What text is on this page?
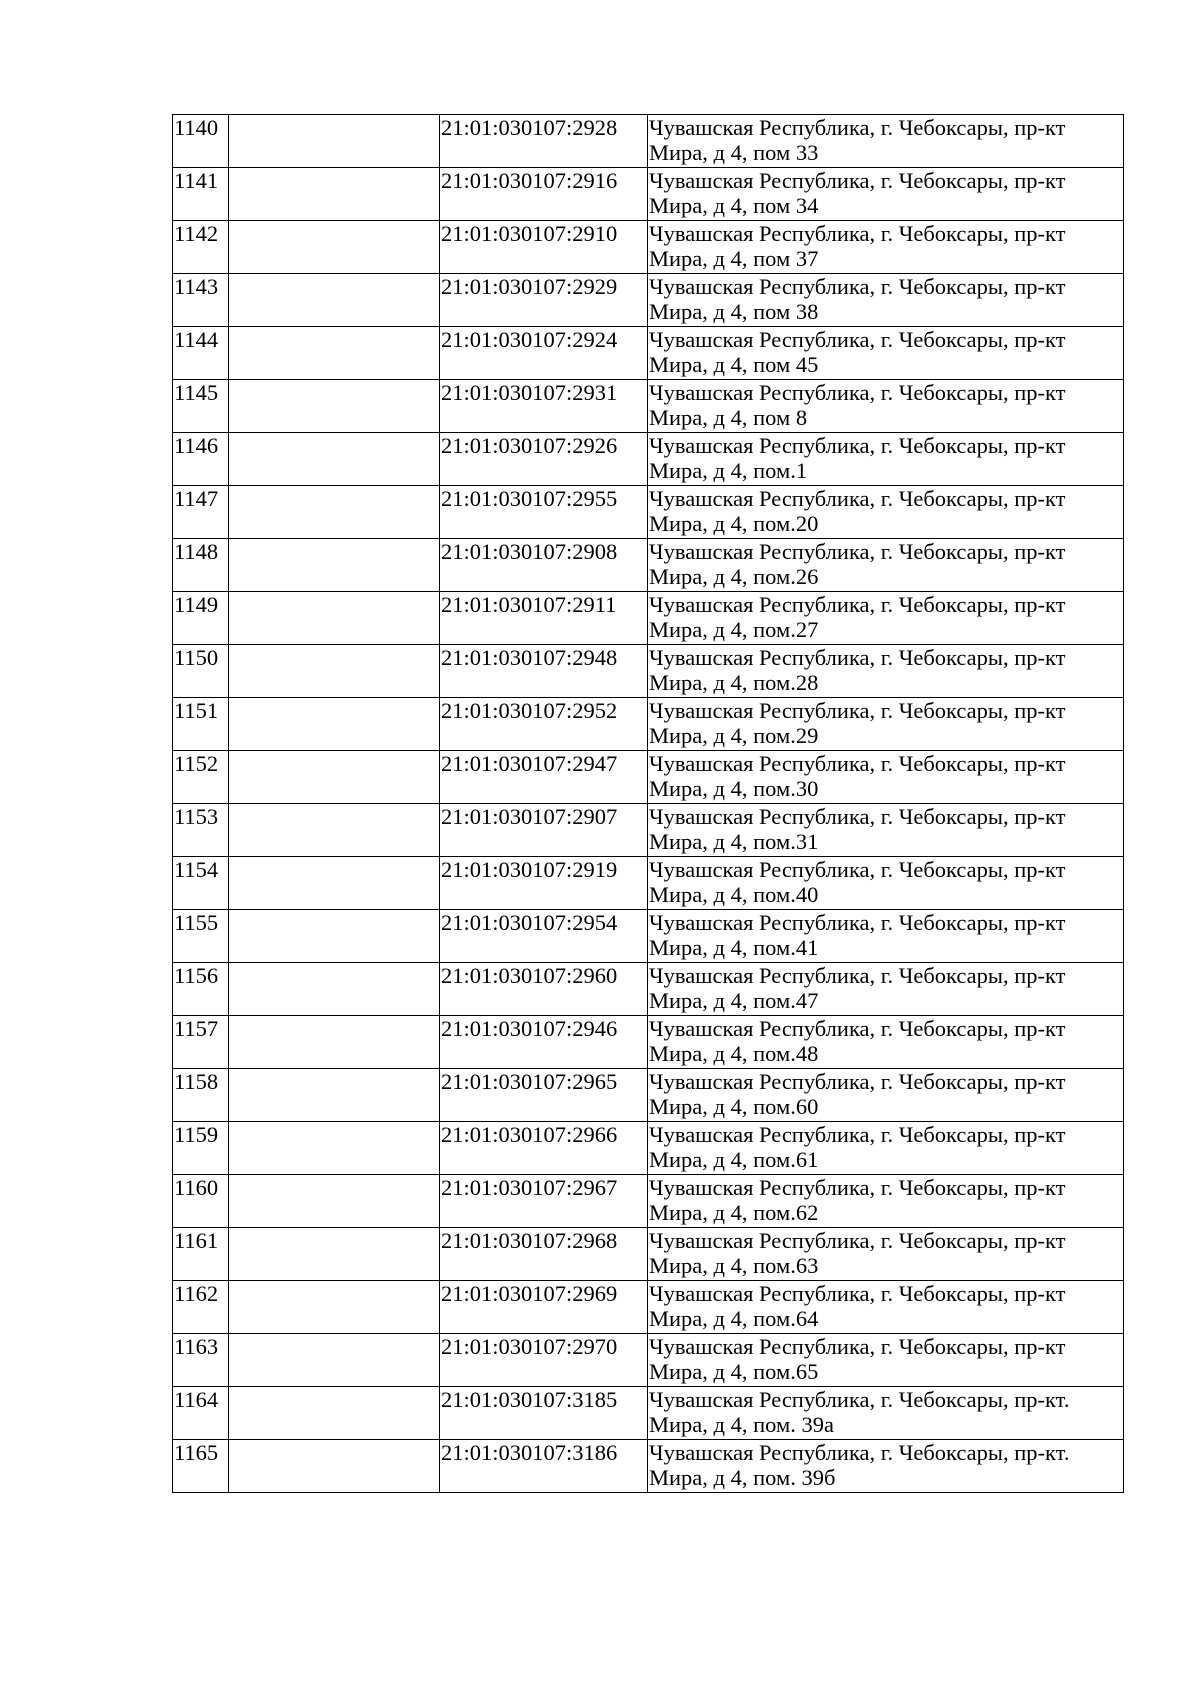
1140		21:01:030107:2928	Чувашская Республика, г. Чебоксары, пр-кт
Мира, д 4, пом 33

1141		21:01:030107:2916	Чувашская Республика, г. Чебоксары, пр-кт
Мира, д 4, пом 34

1142		21:01:030107:2910	Чувашская Республика, г. Чебоксары, пр-кт
Мира, д 4, пом 37

1143		21:01:030107:2929	Чувашская Республика, г. Чебоксары, пр-кт
Мира, д 4, пом 38

1144		21:01:030107:2924	Чувашская Республика, г. Чебоксары, пр-кт
Мира, д 4, пом 45

1145		21:01:030107:2931	Чувашская Республика, г. Чебоксары, пр-кт
Мира, д 4, пом 8

1146		21:01:030107:2926	Чувашская Республика, г. Чебоксары, пр-кт
Мира, д 4, пом.1

1147		21:01:030107:2955	Чувашская Республика, г. Чебоксары, пр-кт
Мира, д 4, пом.20

1148		21:01:030107:2908	Чувашская Республика, г. Чебоксары, пр-кт
Мира, д 4, пом.26

1149		21:01:030107:2911	Чувашская Республика, г. Чебоксары, пр-кт
Мира, д 4, пом.27

1150		21:01:030107:2948	Чувашская Республика, г. Чебоксары, пр-кт
Мира, д 4, пом.28

1151		21:01:030107:2952	Чувашская Республика, г. Чебоксары, пр-кт
Мира, д 4, пом.29

1152		21:01:030107:2947	Чувашская Республика, г. Чебоксары, пр-кт
Мира, д 4, пом.30

1153		21:01:030107:2907	Чувашская Республика, г. Чебоксары, пр-кт
Мира, д 4, пом.31

1154		21:01:030107:2919	Чувашская Республика, г. Чебоксары, пр-кт
Мира, д 4, пом.40

1155		21:01:030107:2954	Чувашская Республика, г. Чебоксары, пр-кт
Мира, д 4, пом.41

1156		21:01:030107:2960	Чувашская Республика, г. Чебоксары, пр-кт
Мира, д 4, пом.47

1157		21:01:030107:2946	Чувашская Республика, г. Чебоксары, пр-кт
Мира, д 4, пом.48

1158		21:01:030107:2965	Чувашская Республика, г. Чебоксары, пр-кт
Мира, д 4, пом.60

1159		21:01:030107:2966	Чувашская Республика, г. Чебоксары, пр-кт
Мира, д 4, пом.61

1160		21:01:030107:2967	Чувашская Республика, г. Чебоксары, пр-кт
Мира, д 4, пом.62

1161		21:01:030107:2968	Чувашская Республика, г. Чебоксары, пр-кт
Мира, д 4, пом.63

1162		21:01:030107:2969	Чувашская Республика, г. Чебоксары, пр-кт
Мира, д 4, пом.64

1163		21:01:030107:2970	Чувашская Республика, г. Чебоксары, пр-кт
Мира, д 4, пом.65

1164		21:01:030107:3185	Чувашская Республика, г. Чебоксары, пр-кт.
Мира, д 4, пом. 39а

1165		21:01:030107:3186	Чувашская Республика, г. Чебоксары, пр-кт.
Мира, д 4, пом. 39б
